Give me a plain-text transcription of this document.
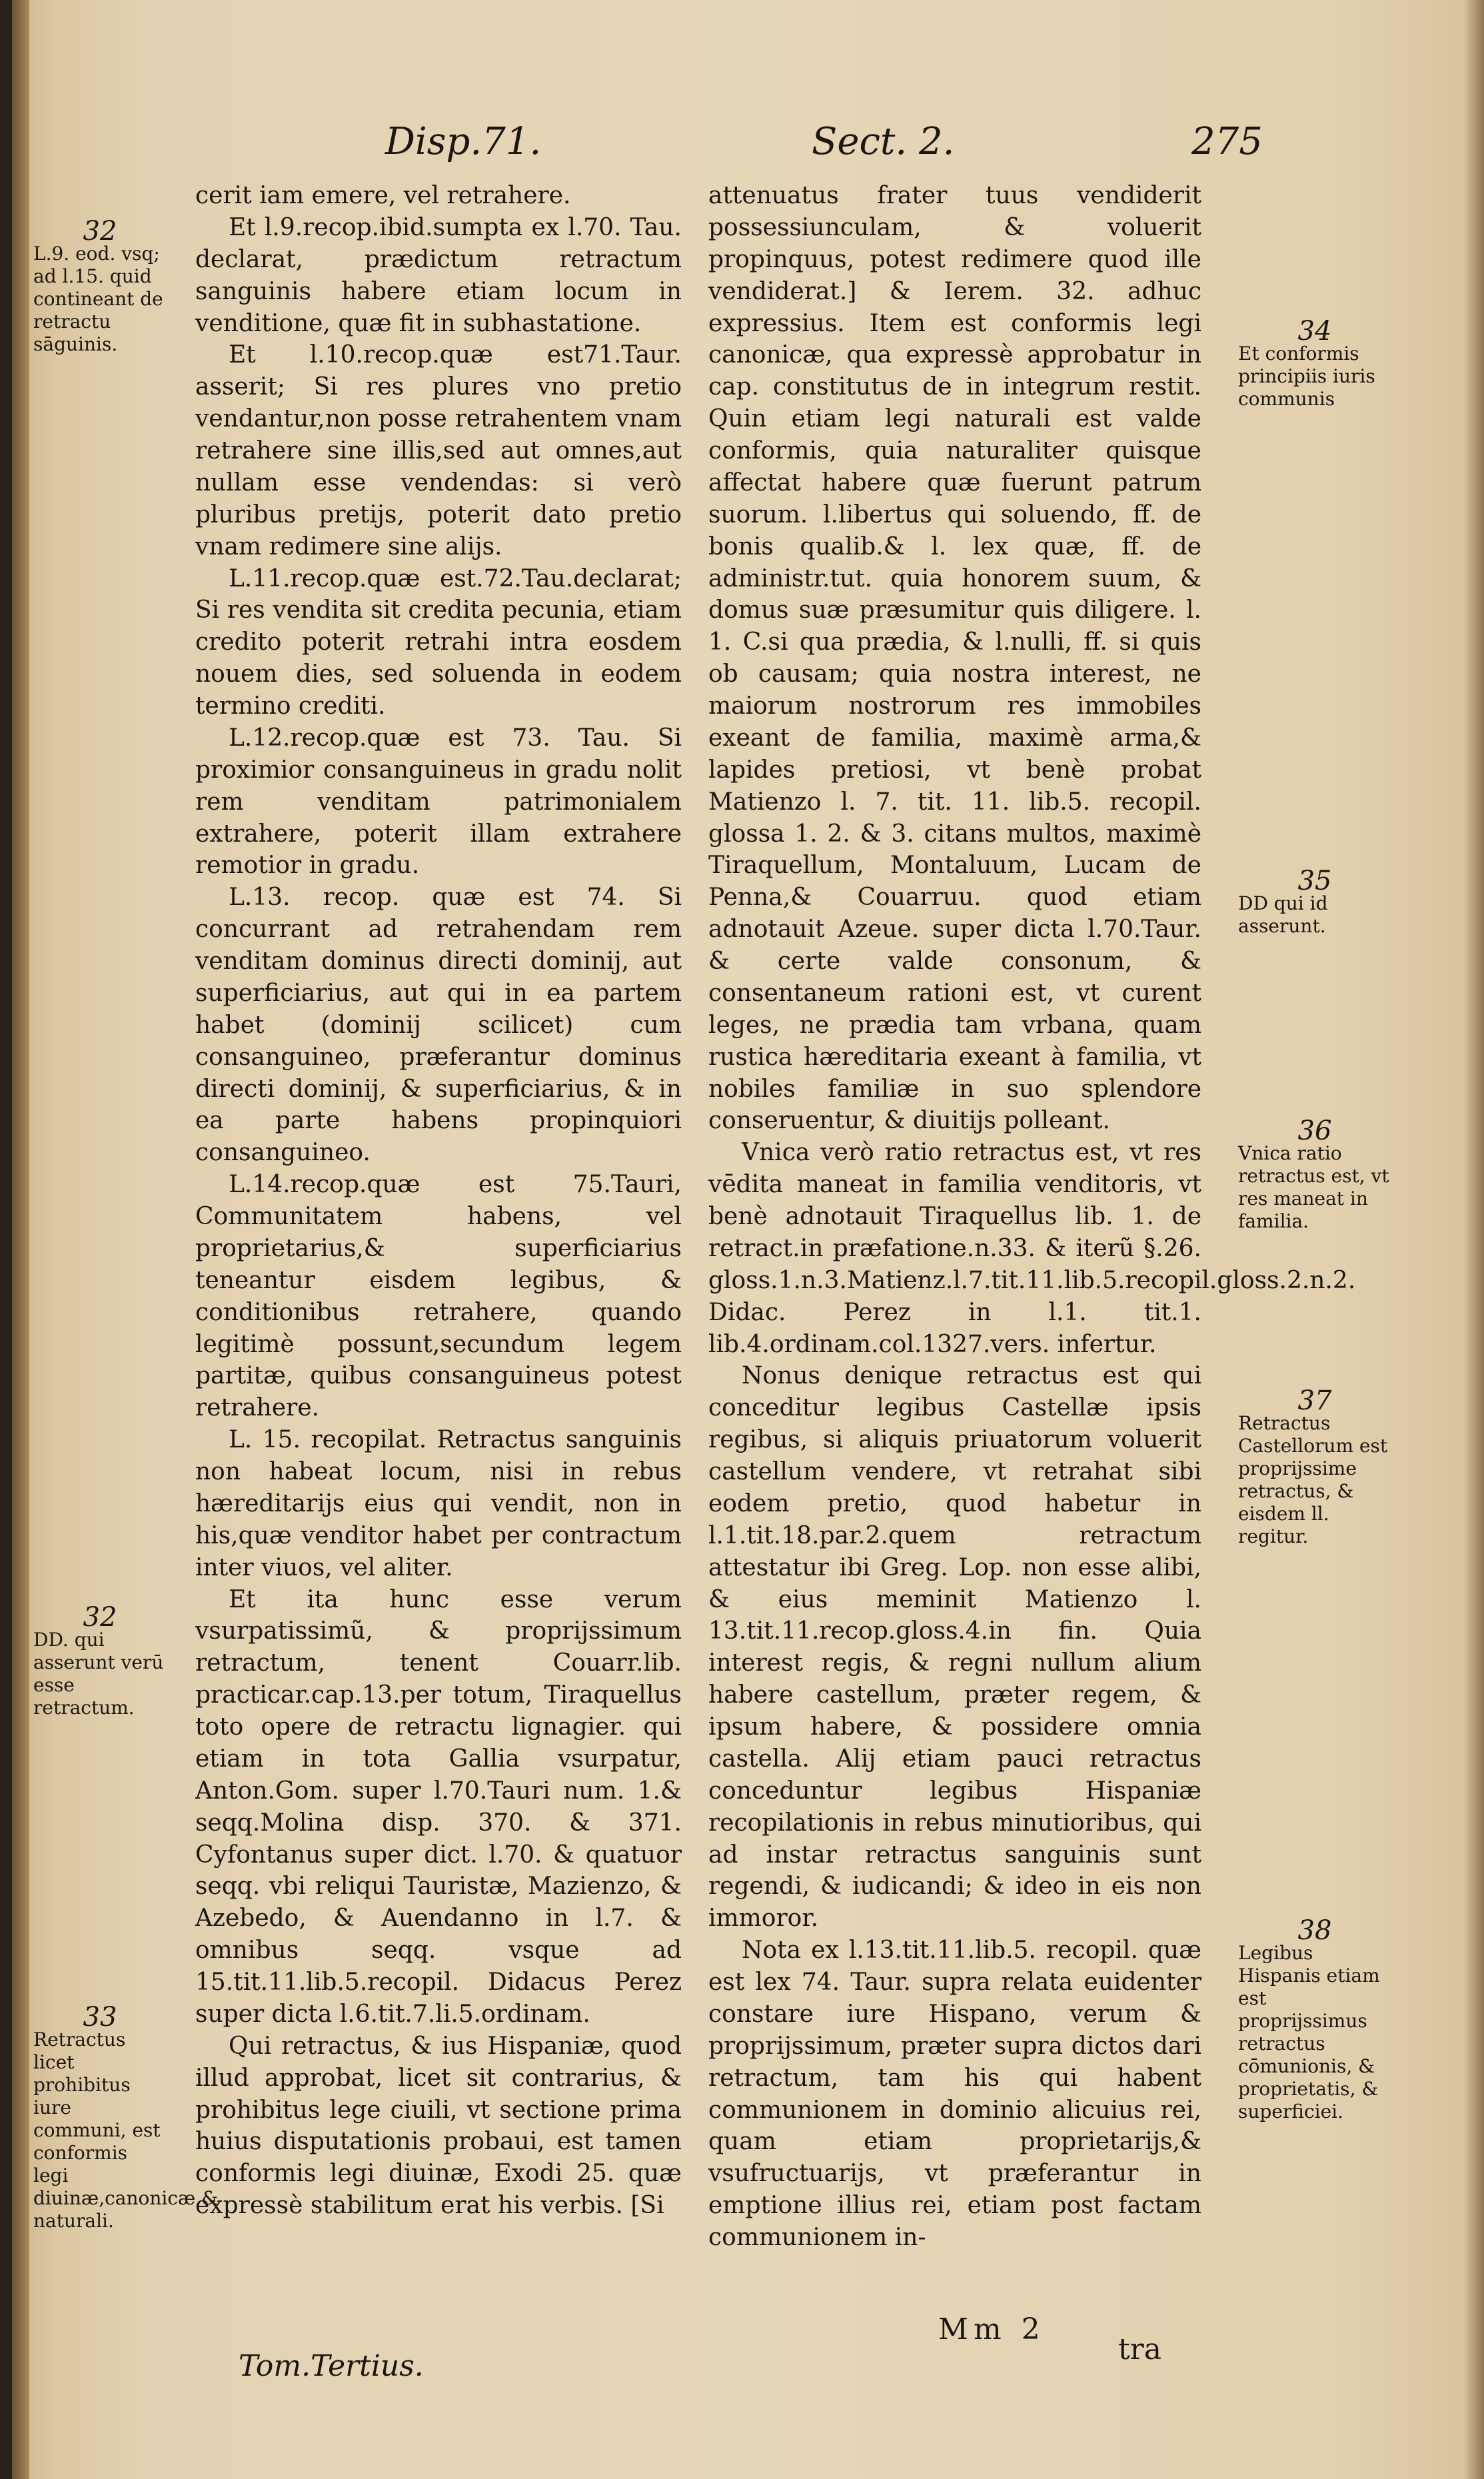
Disp.71.	Sect. 2.	275

cerit iam emere, vel retrahere.

Et l.9.recop.ibid.sumpta ex l.70. Tau. declarat, prædictum retractum sanguinis habere etiam locum in venditione, quæ fit in subhastatione.

Et l.10.recop.quæ est71.Taur. asserit; Si res plures vno pretio vendantur,non posse retrahentem vnam retrahere sine illis,sed aut omnes,aut nullam esse vendendas: si verò pluribus pretijs, poterit dato pretio vnam redimere sine alijs.

L.11.recop.quæ est.72.Tau.declarat; Si res vendita sit credita pecunia, etiam credito poterit retrahi intra eosdem nouem dies, sed soluenda in eodem termino crediti.

L.12.recop.quæ est 73. Tau. Si proximior consanguineus in gradu nolit rem venditam patrimonialem extrahere, poterit illam extrahere remotior in gradu.

L.13. recop. quæ est 74. Si concurrant ad retrahendam rem venditam dominus directi dominij, aut superficiarius, aut qui in ea partem habet (dominij scilicet) cum consanguineo, præferantur dominus directi dominij, & superficiarius, & in ea parte habens propinquiori consanguineo.

L.14.recop.quæ est 75.Tauri, Communitatem habens, vel proprietarius,& superficiarius teneantur eisdem legibus, & conditionibus retrahere, quando legitimè possunt,secundum legem partitæ, quibus consanguineus potest retrahere.

L. 15. recopilat. Retractus sanguinis non habeat locum, nisi in rebus hæreditarijs eius qui vendit, non in his,quæ venditor habet per contractum inter viuos, vel aliter.

Et ita hunc esse verum vsurpatissimũ, & proprijssimum retractum, tenent Couarr.lib. practicar.cap.13.per totum, Tiraquellus toto opere de retractu lignagier. qui etiam in tota Gallia vsurpatur, Anton.Gom. super l.70.Tauri num. 1.& seqq.Molina disp. 370. & 371. Cyfontanus super dict. l.70. & quatuor seqq. vbi reliqui Tauristæ, Mazienzo, & Azebedo, & Auendanno in l.7. & omnibus seqq. vsque ad 15.tit.11.lib.5.recopil. Didacus Perez super dicta l.6.tit.7.li.5.ordinam.

Qui retractus, & ius Hispaniæ, quod illud approbat, licet sit contrarius, & prohibitus lege ciuili, vt sectione prima huius disputationis probaui, est tamen conformis legi diuinæ, Exodi 25. quæ expressè stabilitum erat his verbis. [Si

attenuatus frater tuus vendiderit possessiunculam, & voluerit propinquus, potest redimere quod ille vendiderat.] & Ierem. 32. adhuc expressius. Item est conformis legi canonicæ, qua expressè approbatur in cap. constitutus de in integrum restit. Quin etiam legi naturali est valde conformis, quia naturaliter quisque affectat habere quæ fuerunt patrum suorum. l.libertus qui soluendo, ff. de bonis qualib.& l. lex quæ, ff. de administr.tut. quia honorem suum, & domus suæ præsumitur quis diligere. l. 1. C.si qua prædia, & l.nulli, ff. si quis ob causam; quia nostra interest, ne maiorum nostrorum res immobiles exeant de familia, maximè arma,& lapides pretiosi, vt benè probat Matienzo l. 7. tit. 11. lib.5. recopil. glossa 1. 2. & 3. citans multos, maximè Tiraquellum, Montaluum, Lucam de Penna,& Couarruu. quod etiam adnotauit Azeue. super dicta l.70.Taur. & certe valde consonum, & consentaneum rationi est, vt curent leges, ne prædia tam vrbana, quam rustica hæreditaria exeant à familia, vt nobiles familiæ in suo splendore conseruentur, & diuitijs polleant.

Vnica verò ratio retractus est, vt res vēdita maneat in familia venditoris, vt benè adnotauit Tiraquellus lib. 1. de retract.in præfatione.n.33. & iterũ §.26. gloss.1.n.3.Matienz.l.7.tit.11.lib.5.recopil.gloss.2.n.2. Didac. Perez in l.1. tit.1. lib.4.ordinam.col.1327.vers. infertur.

Nonus denique retractus est qui conceditur legibus Castellæ ipsis regibus, si aliquis priuatorum voluerit castellum vendere, vt retrahat sibi eodem pretio, quod habetur in l.1.tit.18.par.2.quem retractum attestatur ibi Greg. Lop. non esse alibi, & eius meminit Matienzo l. 13.tit.11.recop.gloss.4.in fin. Quia interest regis, & regni nullum alium habere castellum, præter regem, & ipsum habere, & possidere omnia castella. Alij etiam pauci retractus conceduntur legibus Hispaniæ recopilationis in rebus minutioribus, qui ad instar retractus sanguinis sunt regendi, & iudicandi; & ideo in eis non immoror.

Nota ex l.13.tit.11.lib.5. recopil. quæ est lex 74. Taur. supra relata euidenter constare iure Hispano, verum & proprijssimum, præter supra dictos dari retractum, tam his qui habent communionem in dominio alicuius rei, quam etiam proprietarijs,& vsufructuarijs, vt præferantur in emptione illius rei, etiam post factam communionem in-

32
L.9. eod. vsq; ad l.15. quid contineant de retractu sāguinis.
32
DD. qui asserunt verū esse retractum.
33
Retractus licet prohibitus iure communi, est conformis legi diuinæ,canonicæ,& naturali.
34
Et conformis principiis iuris communis
35
DD qui id asserunt.
36
Vnica ratio retractus est, vt res maneat in familia.
37
Retractus Castellorum est proprijssime retractus, & eisdem ll. regitur.
38
Legibus Hispanis etiam est proprijssimus retractus cōmunionis, & proprietatis, & superficiei.
Tom.Tertius.
Mm 2
tra
